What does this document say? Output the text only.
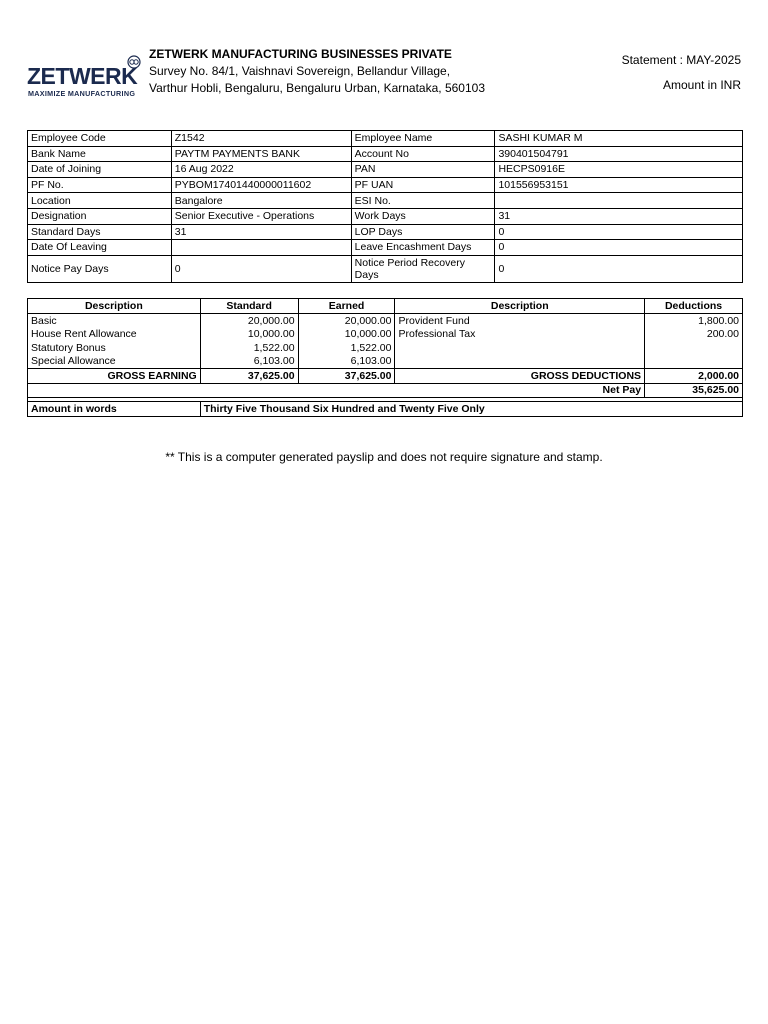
ZETWERK
MAXIMIZE MANUFACTURING
ZETWERK MANUFACTURING BUSINESSES PRIVATE
Survey No. 84/1, Vaishnavi Sovereign, Bellandur Village,
Varthur Hobli, Bengaluru, Bengaluru Urban, Karnataka, 560103
Statement : MAY-2025
Amount in INR
Employee Code	Z1542	Employee Name	SASHI KUMAR M
Bank Name	PAYTM PAYMENTS BANK	Account No	390401504791
Date of Joining	16 Aug 2022	PAN	HECPS0916E
PF No.	PYBOM17401440000011602	PF UAN	101556953151
Location	Bangalore	ESI No.	
Designation	Senior Executive - Operations	Work Days	31
Standard Days	31	LOP Days	0
Date Of Leaving		Leave Encashment Days	0
Notice Pay Days	0	Notice Period Recovery Days	0
Description	Standard	Earned	Description	Deductions
Basic	20,000.00	20,000.00	Provident Fund	1,800.00
House Rent Allowance	10,000.00	10,000.00	Professional Tax	200.00
Statutory Bonus	1,522.00	1,522.00		
Special Allowance	6,103.00	6,103.00		
GROSS EARNING	37,625.00	37,625.00	GROSS DEDUCTIONS	2,000.00
Net Pay				35,625.00

Amount in words	Thirty Five Thousand Six Hundred and Twenty Five Only			
** This is a computer generated payslip and does not require signature and stamp.
